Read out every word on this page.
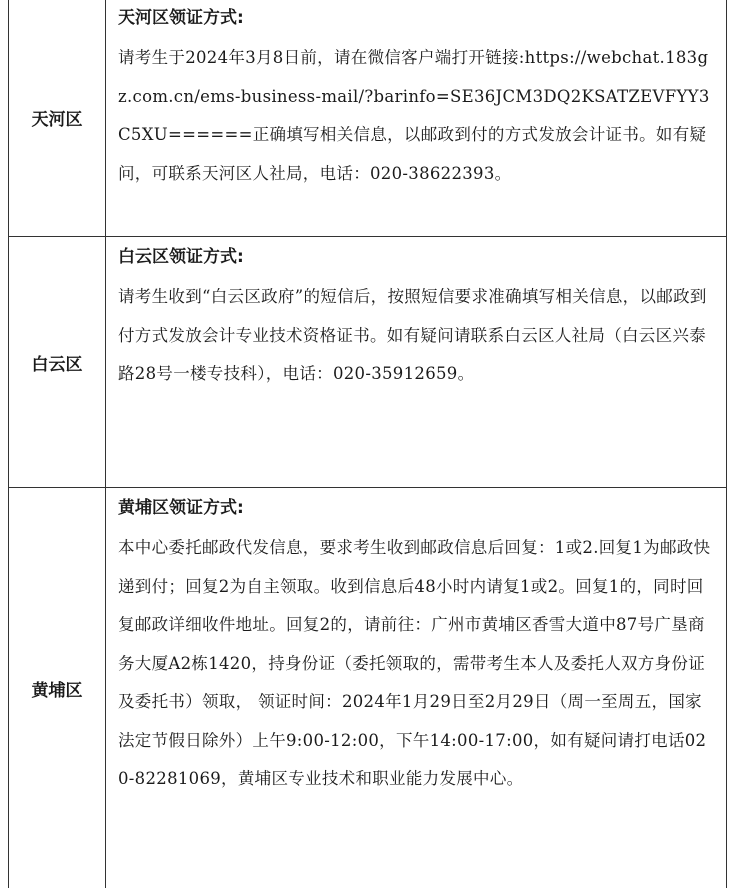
天河区
天河区领证方式:
请考生于2024年3月8日前，请在微信客户端打开链接:https://webchat.183gz.com.cn/ems-business-mail/?barinfo=SE36JCM3DQ2KSATZEVFYY3C5XU======正确填写相关信息，以邮政到付的方式发放会计证书。如有疑问，可联系天河区人社局，电话：020-38622393。
白云区
白云区领证方式:
请考生收到“白云区政府”的短信后，按照短信要求准确填写相关信息，以邮政到付方式发放会计专业技术资格证书。如有疑问请联系白云区人社局（白云区兴泰路28号一楼专技科），电话：020-35912659。
黄埔区
黄埔区领证方式:
本中心委托邮政代发信息，要求考生收到邮政信息后回复：1或2.回复1为邮政快递到付；回复2为自主领取。收到信息后48小时内请复1或2。回复1的，同时回复邮政详细收件地址。回复2的，请前往：广州市黄埔区香雪大道中87号广垦商务大厦A2栋1420，持身份证（委托领取的，需带考生本人及委托人双方身份证及委托书）领取， 领证时间：2024年1月29日至2月29日（周一至周五，国家法定节假日除外）上午9:00-12:00，下午14:00-17:00，如有疑问请打电话020-82281069，黄埔区专业技术和职业能力发展中心。
